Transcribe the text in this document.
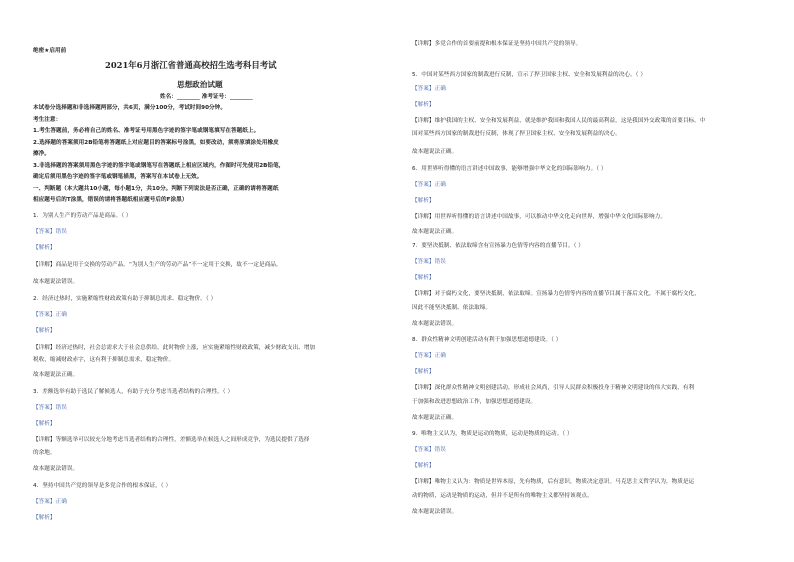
绝密★启用前
2021年6月浙江省普通高校招生选考科目考试
思想政治试题
姓名：________ 准考证号：________
本试卷分选择题和非选择题两部分，共6页，满分100分，考试时间90分钟。
考生注意：
1.考生答题前，务必将自己的姓名、准考证号用黑色字迹的签字笔或钢笔填写在答题纸上。
2.选择题的答案须用2B铅笔将答题纸上对应题目的答案标号涂黑，如要改动，须将原填涂处用橡皮
擦净。
3.非选择题的答案须用黑色字迹的签字笔或钢笔写在答题纸上相应区域内，作图时可先使用2B铅笔，
确定后须用黑色字迹的签字笔或钢笔描黑，答案写在本试卷上无效。
一、判断题（本大题共10小题，每小题1分，共10分。判断下列说法是否正确，正确的请将答题纸
相应题号后的T涂黑，错误的请将答题纸相应题号后的F涂黑）
1．为别人生产的劳动产品是商品。（ ）
【答案】错误
【解析】
【详解】商品是用于交换的劳动产品。“为别人生产的劳动产品”不一定用于交换，故不一定是商品。
故本题说法错误。
2．经济过热时，实施紧缩性财政政策有助于抑制总需求、稳定物价。（ ）
【答案】正确
【解析】
【详解】经济过热时，社会总需求大于社会总供给，此时物价上涨，应实施紧缩性财政政策，减少财政支出、增加
税收，缩减财政赤字，这有利于抑制总需求，稳定物价。
故本题说法正确。
3．差额选举有助于选民了解候选人，有助于充分考虑当选者结构的合理性。（ ）
【答案】错误
【解析】
【详解】等额选举可以较充分地考虑当选者结构的合理性，差额选举在候选人之间形成竞争，为选民提供了选择
的余地。
故本题说法错误。
4．坚持中国共产党的领导是多党合作的根本保证。（ ）
【答案】正确
【解析】
【详解】多党合作的首要前提和根本保证是坚持中国共产党的领导。
5．中国对某些西方国家的制裁进行反制，宣示了捍卫国家主权、安全和发展利益的决心。（ ）
【答案】正确
【解析】
【详解】维护我国的主权、安全和发展利益，就是维护我国和我国人民的最高利益，这是我国外交政策的首要目标。中
国对某些西方国家的制裁进行反制，体现了捍卫国家主权、安全和发展利益的决心。
故本题说法正确。
6．用世界听得懂的语言讲述中国故事，能够增强中华文化的国际影响力。（ ）
【答案】正确
【解析】
【详解】用世界听得懂的语言讲述中国故事，可以推动中华文化走向世界，增强中华文化国际影响力。
故本题说法正确。
7．要坚决抵制、依法取缔含有宣扬暴力色情等内容的直播节目。（ ）
【答案】错误
【解析】
【详解】对于腐朽文化，要坚决抵制，依法取缔。宣扬暴力色情等内容的直播节目属于落后文化，不属于腐朽文化，
因此不能坚决抵制、依法取缔。
故本题说法错误。
8．群众性精神文明创建活动有利于加强思想道德建设。（ ）
【答案】正确
【解析】
【详解】深化群众性精神文明创建活动，形成社会风尚，引导人民群众积极投身于精神文明建设的伟大实践，有利
于加强和改进思想政治工作，加强思想道德建设。
故本题说法正确。
9．唯物主义认为，物质是运动的物质，运动是物质的运动。（ ）
【答案】错误
【解析】
【详解】唯物主义认为：物质是世界本原，先有物质，后有意识，物质决定意识。马克思主义哲学认为，物质是运
动的物质，运动是物质的运动，但并不是所有的唯物主义都坚持该观点。
故本题说法错误。
